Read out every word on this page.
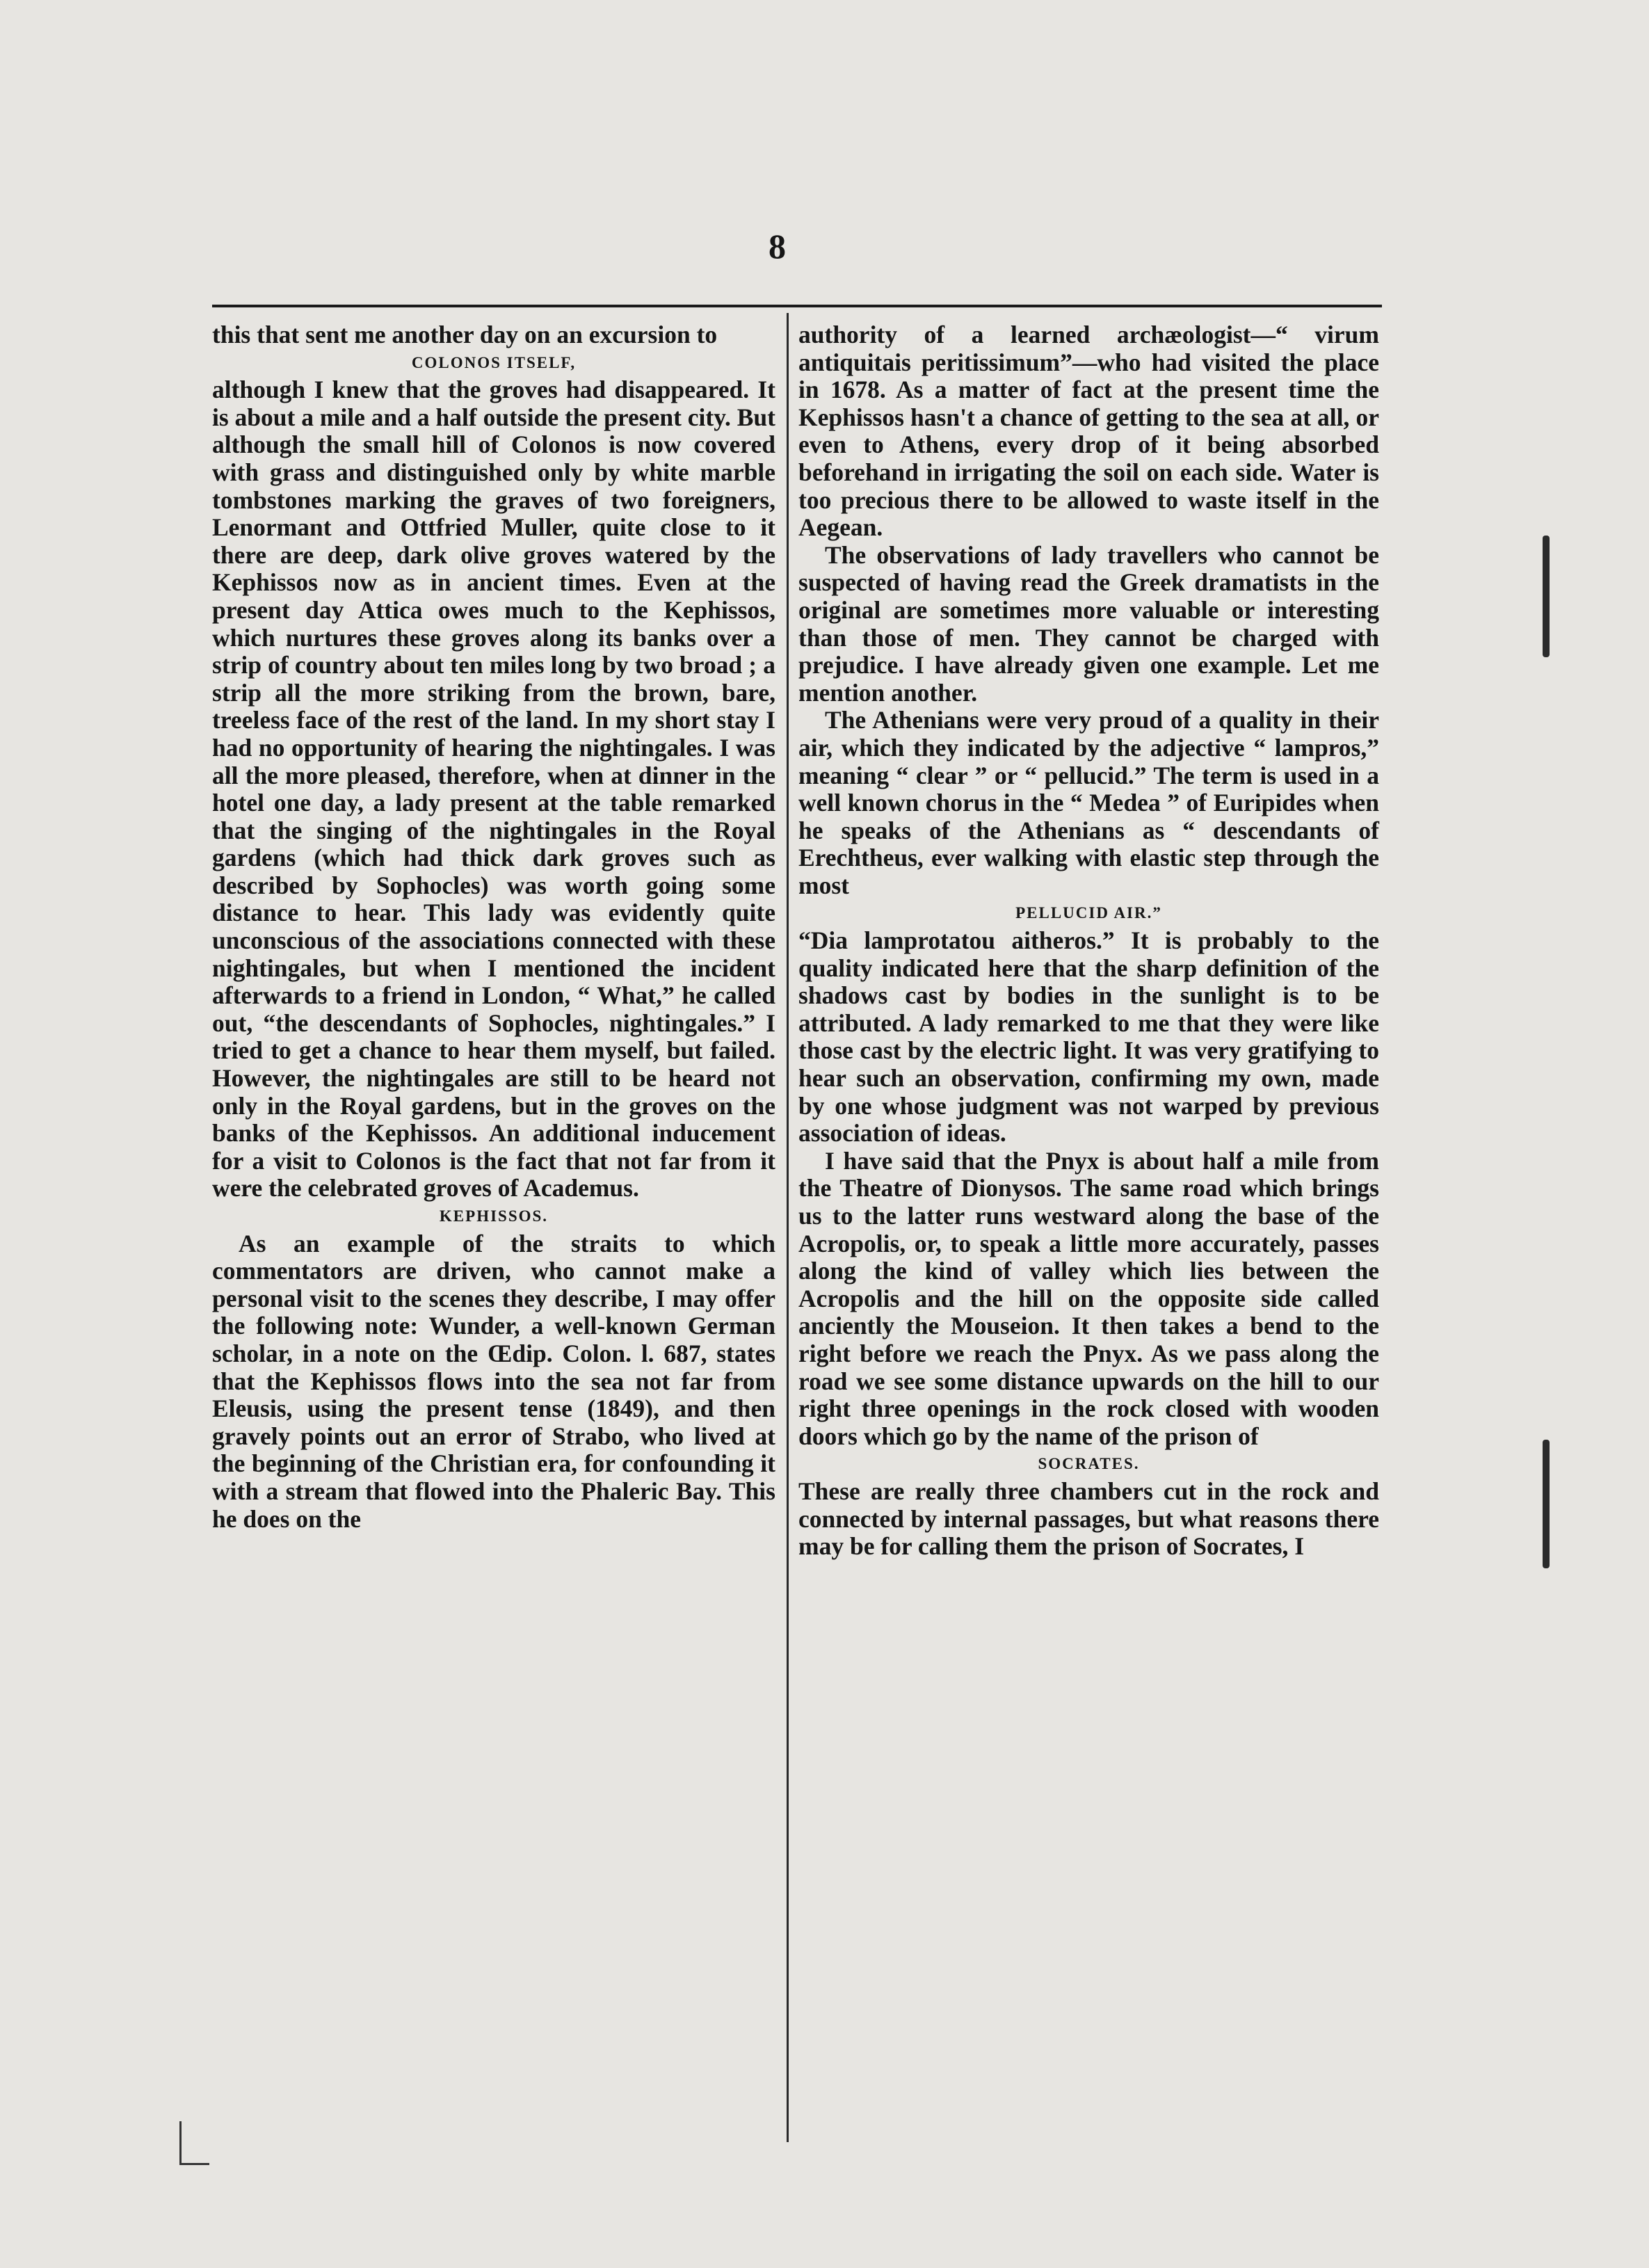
8

this that sent me another day on an excursion to

COLONOS ITSELF,

although I knew that the groves had disappeared. It is about a mile and a half outside the present city. But although the small hill of Colonos is now covered with grass and distinguished only by white marble tombstones marking the graves of two foreigners, Lenormant and Ottfried Muller, quite close to it there are deep, dark olive groves watered by the Kephissos now as in ancient times. Even at the present day Attica owes much to the Kephissos, which nurtures these groves along its banks over a strip of country about ten miles long by two broad ; a strip all the more striking from the brown, bare, treeless face of the rest of the land. In my short stay I had no opportunity of hearing the nightingales. I was all the more pleased, therefore, when at dinner in the hotel one day, a lady present at the table remarked that the singing of the nightingales in the Royal gardens (which had thick dark groves such as described by Sophocles) was worth going some distance to hear. This lady was evidently quite unconscious of the associations connected with these nightingales, but when I mentioned the incident afterwards to a friend in London, “ What,” he called out, “the descendants of Sophocles, nightingales.” I tried to get a chance to hear them myself, but failed. However, the nightingales are still to be heard not only in the Royal gardens, but in the groves on the banks of the Kephissos. An additional inducement for a visit to Colonos is the fact that not far from it were the celebrated groves of Academus.

KEPHISSOS.

As an example of the straits to which commentators are driven, who cannot make a personal visit to the scenes they describe, I may offer the following note: Wunder, a well-known German scholar, in a note on the Œdip. Colon. l. 687, states that the Kephissos flows into the sea not far from Eleusis, using the present tense (1849), and then gravely points out an error of Strabo, who lived at the beginning of the Christian era, for confounding it with a stream that flowed into the Phaleric Bay. This he does on the

authority of a learned archæologist—“ virum antiquitais peritissimum”—who had visited the place in 1678. As a matter of fact at the present time the Kephissos hasn't a chance of getting to the sea at all, or even to Athens, every drop of it being absorbed beforehand in irrigating the soil on each side. Water is too precious there to be allowed to waste itself in the Aegean.

The observations of lady travellers who cannot be suspected of having read the Greek dramatists in the original are sometimes more valuable or interesting than those of men. They cannot be charged with prejudice. I have already given one example. Let me mention another.

The Athenians were very proud of a quality in their air, which they indicated by the adjective “ lampros,” meaning “ clear ” or “ pellucid.” The term is used in a well known chorus in the “ Medea ” of Euripides when he speaks of the Athenians as “ descendants of Erechtheus, ever walking with elastic step through the most

PELLUCID AIR.”

“Dia lamprotatou aitheros.” It is probably to the quality indicated here that the sharp definition of the shadows cast by bodies in the sunlight is to be attributed. A lady remarked to me that they were like those cast by the electric light. It was very gratifying to hear such an observation, confirming my own, made by one whose judgment was not warped by previous association of ideas.

I have said that the Pnyx is about half a mile from the Theatre of Dionysos. The same road which brings us to the latter runs westward along the base of the Acropolis, or, to speak a little more accurately, passes along the kind of valley which lies between the Acropolis and the hill on the opposite side called anciently the Mouseion. It then takes a bend to the right before we reach the Pnyx. As we pass along the road we see some distance upwards on the hill to our right three openings in the rock closed with wooden doors which go by the name of the prison of

SOCRATES.

These are really three chambers cut in the rock and connected by internal passages, but what reasons there may be for calling them the prison of Socrates, I
